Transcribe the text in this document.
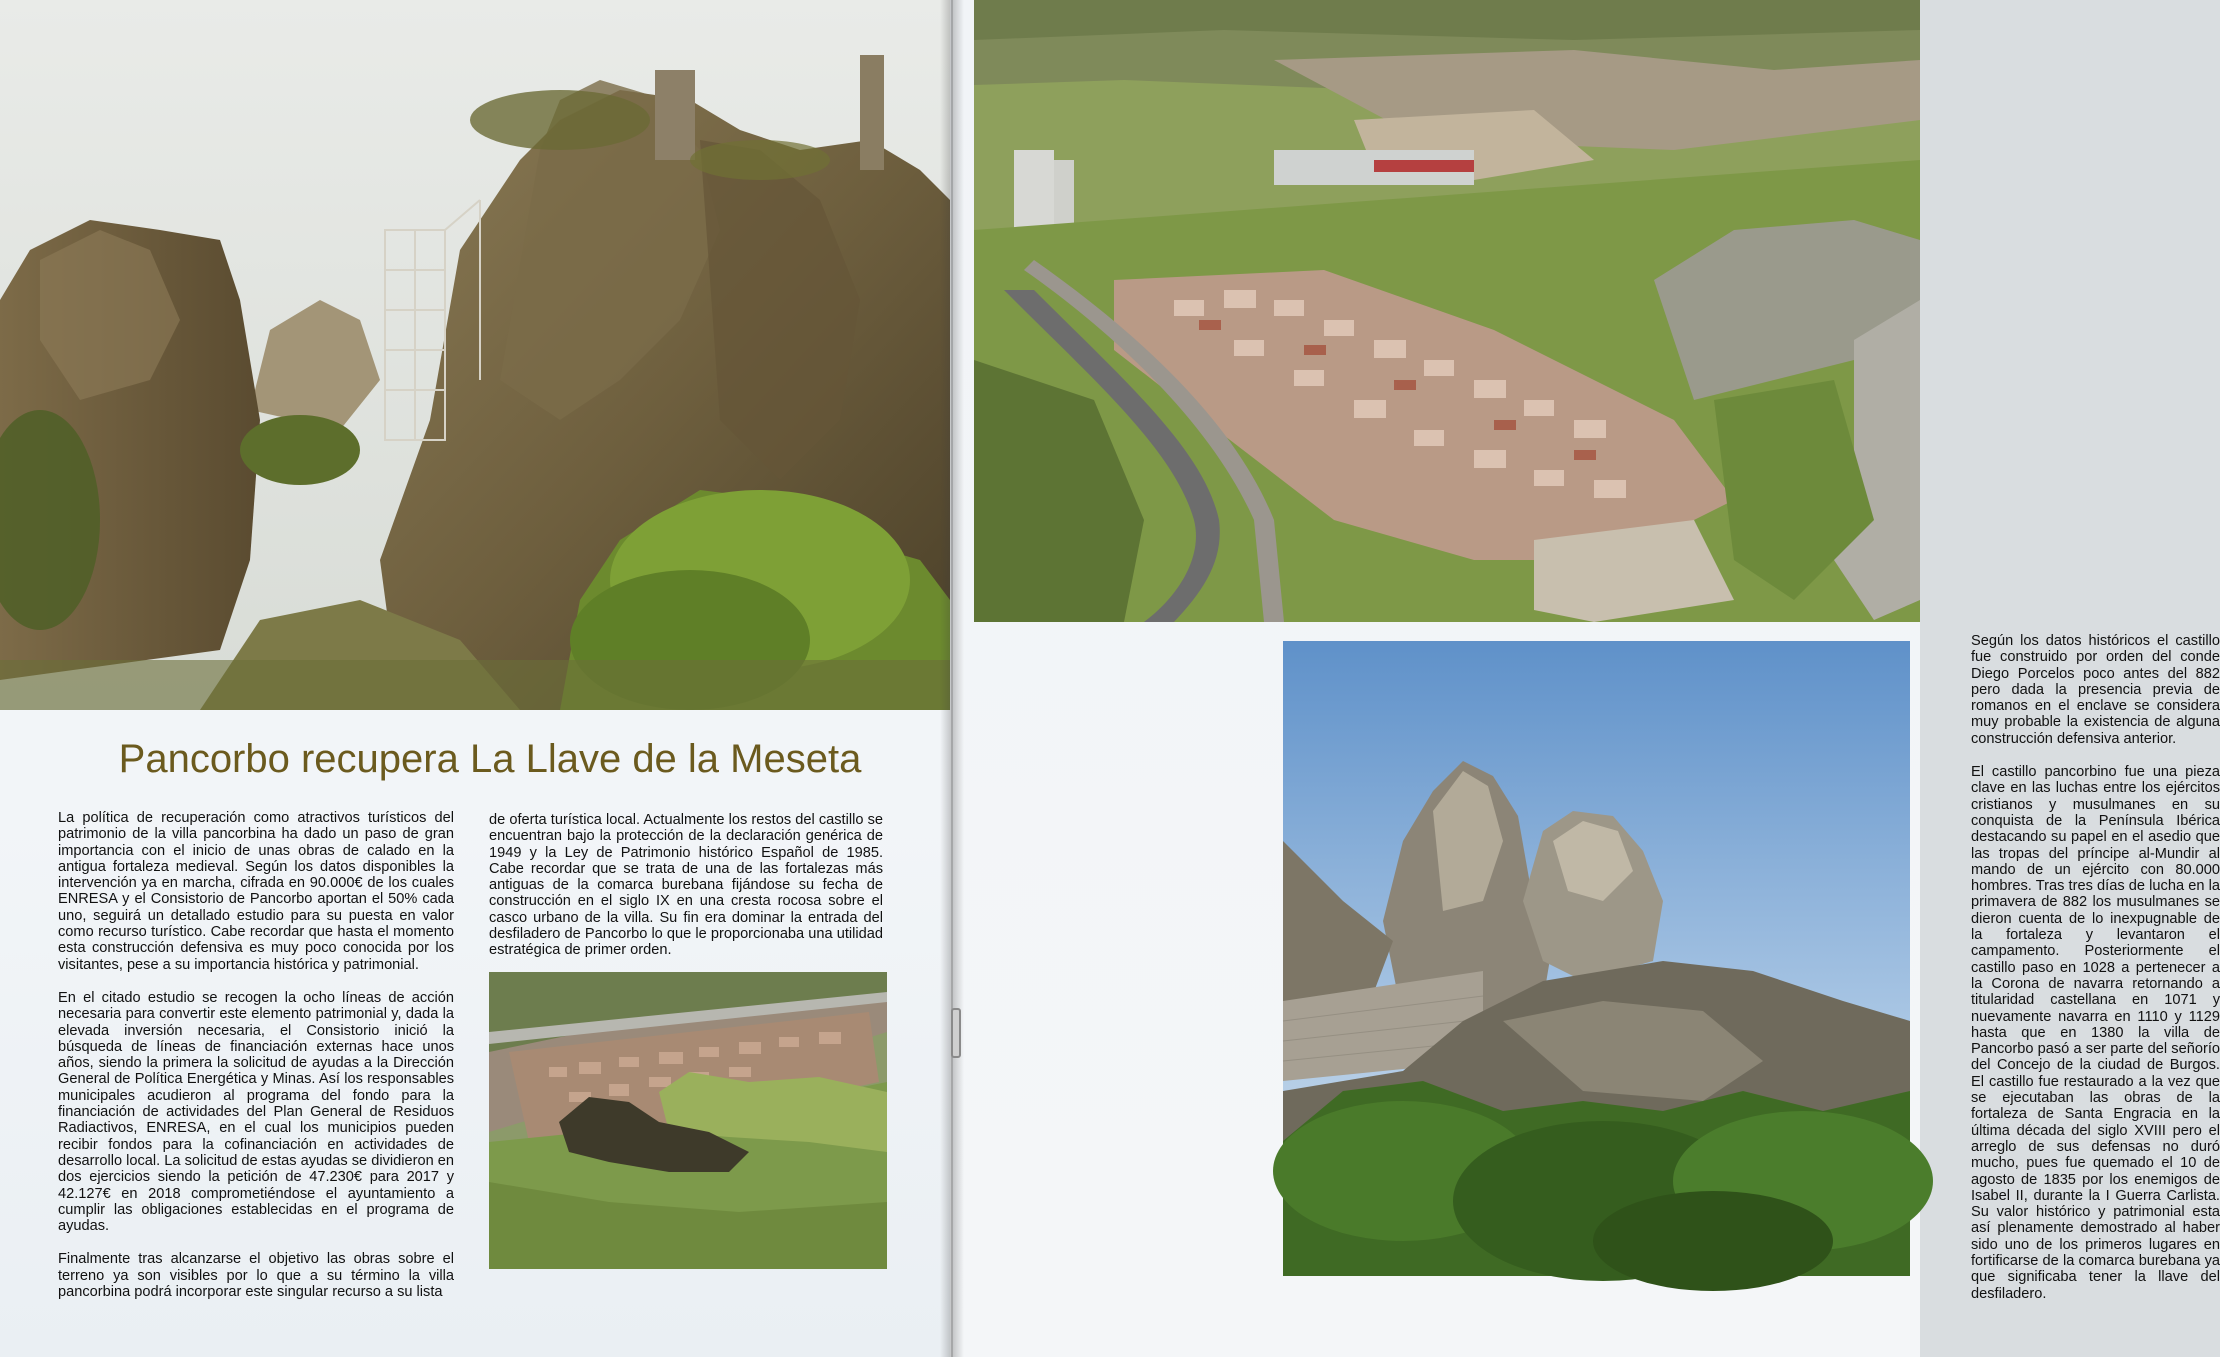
Pancorbo recupera La Llave de la Meseta

La política de recuperación como atractivos turísticos del patrimonio de la villa pancorbina ha dado un paso de gran importancia con el inicio de unas obras de calado en la antigua fortaleza medieval. Según los datos disponibles la intervención ya en marcha, cifrada en 90.000€ de los cuales ENRESA y el Consistorio de Pancorbo aportan el 50% cada uno, seguirá un detallado estudio para su puesta en valor como recurso turístico. Cabe recordar que hasta el momento esta construcción defensiva es muy poco conocida por los visitantes, pese a su importancia histórica y patrimonial.

En el citado estudio se recogen la ocho líneas de acción necesaria para convertir este elemento patrimonial y, dada la elevada inversión necesaria, el Consistorio inició la búsqueda de líneas de financiación externas hace unos años, siendo la primera la solicitud de ayudas a la Dirección General de Política Energética y Minas. Así los responsables municipales acudieron al programa del fondo para la financiación de actividades del Plan General de Residuos Radiactivos, ENRESA, en el cual los municipios pueden recibir fondos para la cofinanciación en actividades de desarrollo local. La solicitud de estas ayudas se dividieron en dos ejercicios siendo la petición de 47.230€ para 2017 y 42.127€ en 2018 comprometiéndose el ayuntamiento a cumplir las obligaciones establecidas en el programa de ayudas.

Finalmente tras alcanzarse el objetivo las obras sobre el terreno ya son visibles por lo que a su término la villa pancorbina podrá incorporar este singular recurso a su lista

de oferta turística local. Actualmente los restos del castillo se encuentran bajo la protección de la declaración genérica de 1949 y la Ley de Patrimonio histórico Español de 1985. Cabe recordar que se trata de una de las fortalezas más antiguas de la comarca burebana fijándose su fecha de construcción en el siglo IX en una cresta rocosa sobre el casco urbano de la villa. Su fin era dominar la entrada del desfiladero de Pancorbo lo que le proporcionaba una utilidad estratégica de primer orden.

Según los datos históricos el castillo fue construido por orden del conde Diego Porcelos poco antes del 882 pero dada la presencia previa de romanos en el enclave se considera muy probable la existencia de alguna construcción defensiva anterior.

El castillo pancorbino fue una pieza clave en las luchas entre los ejércitos cristianos y musulmanes en su conquista de la Península Ibérica destacando su papel en el asedio que las tropas del príncipe al-Mundir al mando de un ejército con 80.000 hombres. Tras tres días de lucha en la primavera de 882 los musulmanes se dieron cuenta de lo inexpugnable de la fortaleza y levantaron el campamento. Posteriormente el castillo paso en 1028 a pertenecer a la Corona de navarra retornando a titularidad castellana en 1071 y nuevamente navarra en 1110 y 1129 hasta que en 1380 la villa de Pancorbo pasó a ser parte del señorío del Concejo de la ciudad de Burgos. El castillo fue restaurado a la vez que se ejecutaban las obras de la fortaleza de Santa Engracia en la última década del siglo XVIII pero el arreglo de sus defensas no duró mucho, pues fue quemado el 10 de agosto de 1835 por los enemigos de Isabel II, durante la I Guerra Carlista. Su valor histórico y patrimonial esta así plenamente demostrado al haber sido uno de los primeros lugares en fortificarse de la comarca burebana ya que significaba tener la llave del desfiladero.
